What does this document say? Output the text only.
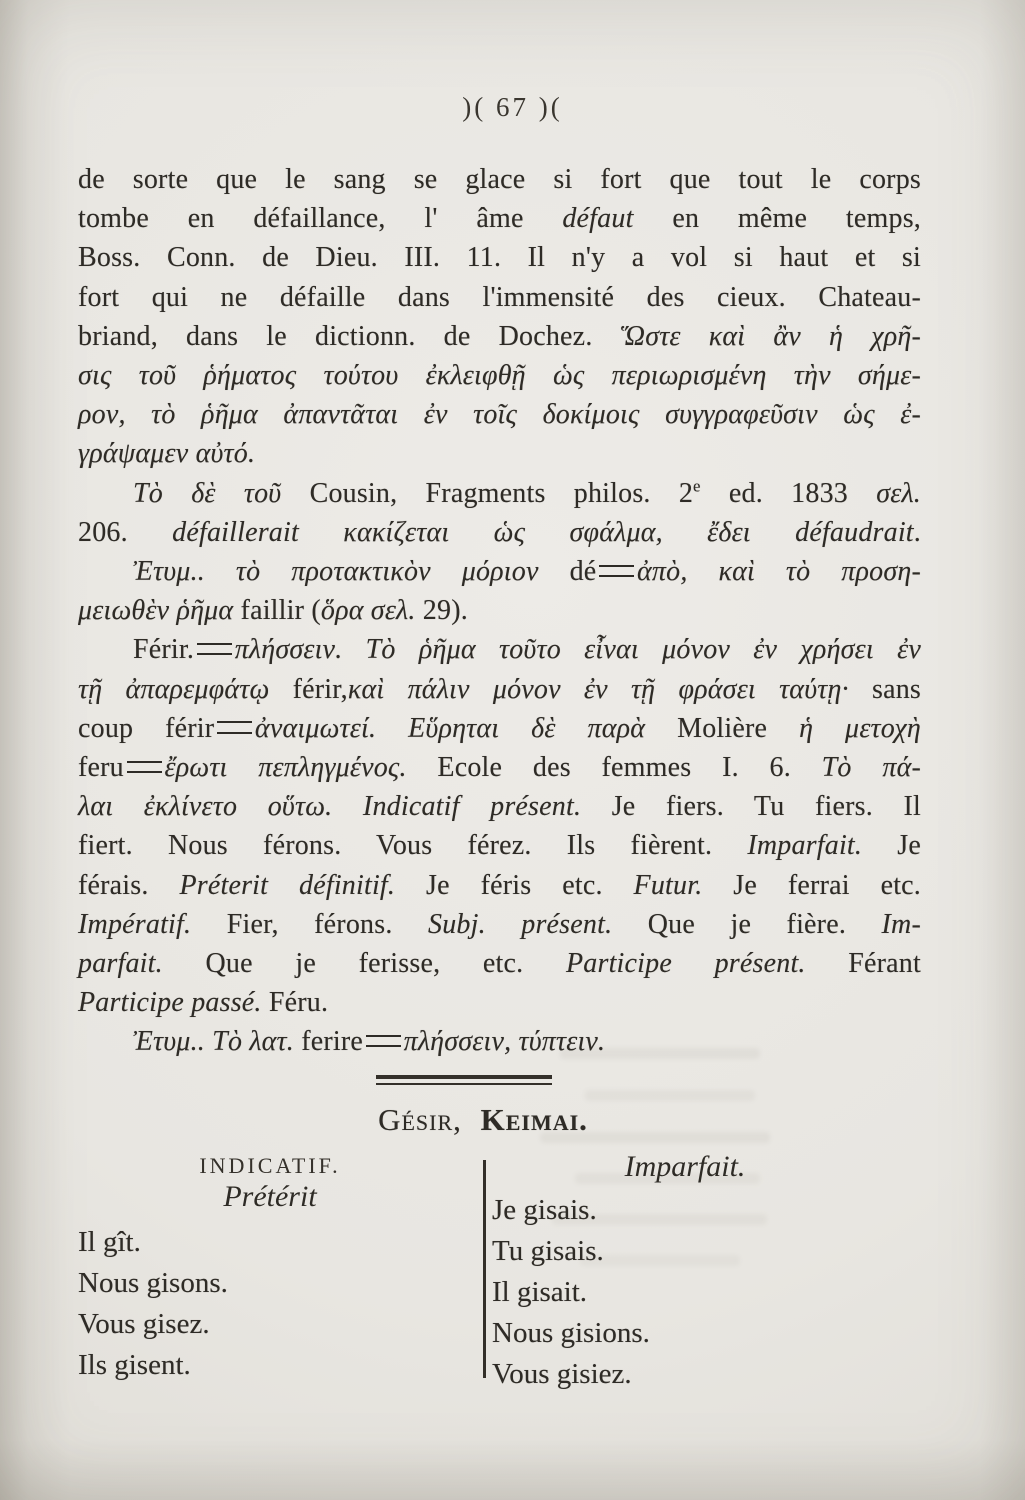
)( 67 )(
de sorte que le sang se glace si fort que tout le corps
tombe en défaillance, l' âme défaut en même temps,
Boss. Conn. de Dieu. III. 11. Il n'y a vol si haut et si
fort qui ne défaille dans l'immensité des cieux. Chateau-
briand, dans le dictionn. de Dochez. Ὥστε καὶ ἂν ἡ χρῆ-
σις τοῦ ῥήματος τούτου ἐκλειφθῇ ὡς περιωρισμένη τὴν σήμε-
ρον, τὸ ῥῆμα ἀπαντᾶται ἐν τοῖς δοκίμοις συγγραφεῦσιν ὡς ἐ-
γράψαμεν αὐτό.
Τὸ δὲ τοῦ Cousin, Fragments philos. 2e ed. 1833 σελ.
206. défaillerait κακίζεται ὡς σφάλμα, ἔδει défaudrait.
Ἐτυμ.. τὸ προτακτικὸν μόριον dé ἀπὸ, καὶ τὸ προση-
μειωθὲν ῥῆμα faillir (ὅρα σελ. 29).
Férir. πλήσσειν. Τὸ ῥῆμα τοῦτο εἶναι μόνον ἐν χρήσει ἐν
τῇ ἀπαρεμφάτῳ férir,καὶ πάλιν μόνον ἐν τῇ φράσει ταύτῃ· sans
coup férir ἀναιμωτεί. Εὕρηται δὲ παρὰ Molière ἡ μετοχὴ
feru ἔρωτι πεπληγμένος. Ecole des femmes I. 6. Τὸ πά-
λαι ἐκλίνετο οὕτω. Indicatif présent. Je fiers. Tu fiers. Il
fiert. Nous férons. Vous férez. Ils fièrent. Imparfait. Je
férais. Préterit définitif. Je féris etc. Futur. Je ferrai etc.
Impératif. Fier, férons. Subj. présent. Que je fière. Im-
parfait. Que je ferisse, etc. Participe présent. Férant
Participe passé. Féru.
Ἐτυμ.. Τὸ λατ. ferire πλήσσειν, τύπτειν.
Gésir, Keimai.
INDICATIF.
Prétérit
Il gît.
Nous gisons.
Vous gisez.
Ils gisent.
Imparfait.
Je gisais.
Tu gisais.
Il gisait.
Nous gisions.
Vous gisiez.
